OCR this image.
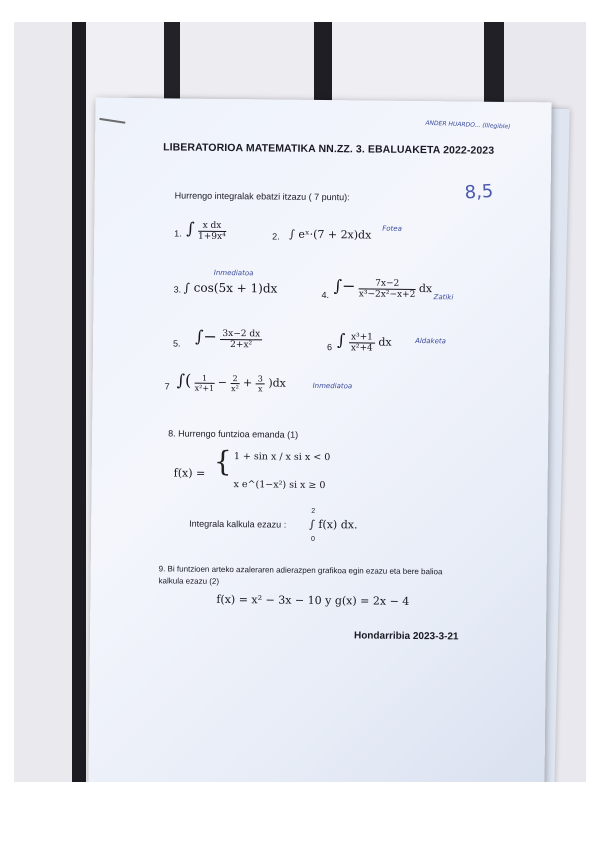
ANDER HUARDO... (Illegible)
8,5
LIBERATORIOA MATEMATIKA NN.ZZ. 3. EBALUAKETA 2022-2023
Hurrengo integralak ebatzi itzazu ( 7 puntu):
1. ∫ $\frac{\text{x dx}}{\text{1+9x⁴}}$	2. ∫ eˣ·(7 + 2x)dx Fotea
3.
Inmediatoa
∫ cos(5x + 1)dx	4. ∫− $\frac{7x-2}{\text{x³−2x²−x+2}}$ dx
Zatiki
5. ∫− $\frac{3x-2 dx}{\text{2+x²}}$	6 ∫ $\frac{\text{x³+1}}{\text{x²+4}}$ dx	Aldaketa
7 ∫( $\frac{1}{\text{x²+1}} - \frac{2}{\text{x²}} + \frac{3}{x} )dx$	Inmediatoa
8. Hurrengo funtzioa emanda (1)
f(x) = { 1 + sin x / x si x < 0
x e^(1−x²) si x ≥ 0
Integrala kalkula ezazu :
2
∫ f(x) dx.
0
9. Bi funtzioen arteko azaleraren adierazpen grafikoa egin ezazu eta bere balioa
kalkula ezazu (2)
f(x) = x² − 3x − 10 y g(x) = 2x − 4
Hondarribia 2023-3-21
